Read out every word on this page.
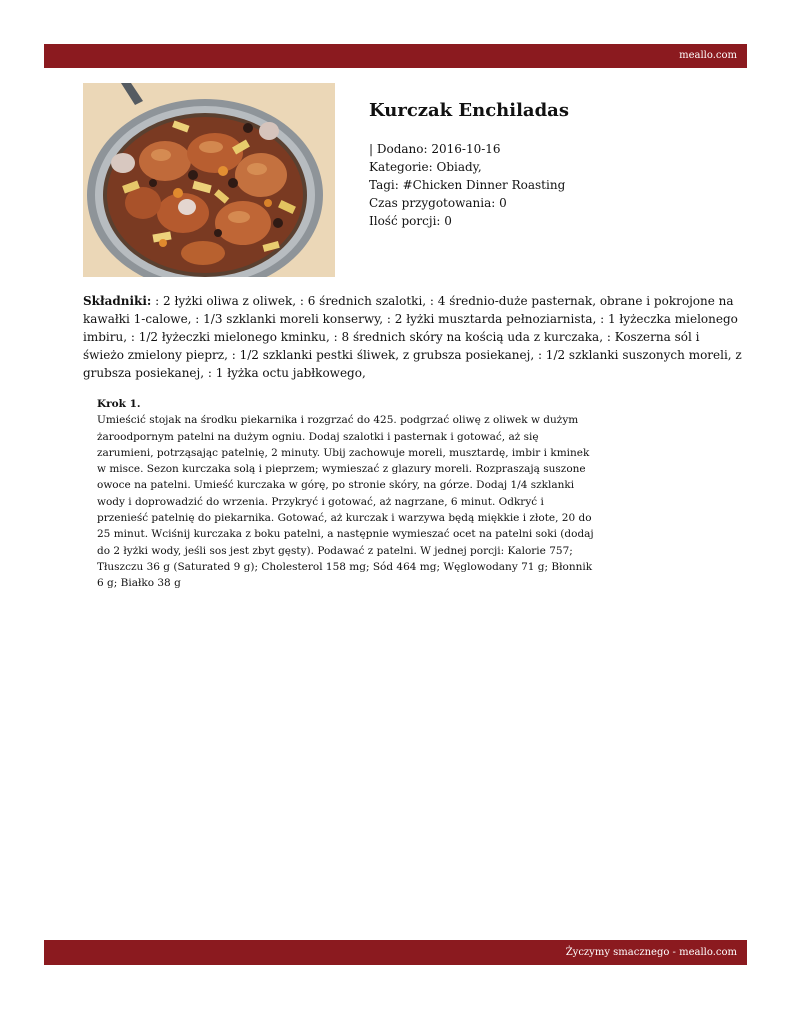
meallo.com
Kurczak Enchiladas
| Dodano: 2016-10-16
Kategorie: Obiady,
Tagi: #Chicken Dinner Roasting
Czas przygotowania: 0
Ilość porcji: 0
Składniki: : 2 łyżki oliwa z oliwek, : 6 średnich szalotki, : 4 średnio-duże pasternak, obrane i pokrojone na kawałki 1-calowe, : 1/3 szklanki moreli konserwy, : 2 łyżki musztarda pełnoziarnista, : 1 łyżeczka mielonego imbiru, : 1/2 łyżeczki mielonego kminku, : 8 średnich skóry na kością uda z kurczaka, : Koszerna sól i świeżo zmielony pieprz, : 1/2 szklanki pestki śliwek, z grubsza posiekanej, : 1/2 szklanki suszonych moreli, z grubsza posiekanej, : 1 łyżka octu jabłkowego,
Krok 1.
Umieścić stojak na środku piekarnika i rozgrzać do 425. podgrzać oliwę z oliwek w dużym żaroodpornym patelni na dużym ogniu. Dodaj szalotki i pasternak i gotować, aż się zarumieni, potrząsając patelnię, 2 minuty. Ubij zachowuje moreli, musztardę, imbir i kminek w misce. Sezon kurczaka solą i pieprzem; wymieszać z glazury moreli. Rozpraszają suszone owoce na patelni. Umieść kurczaka w górę, po stronie skóry, na górze. Dodaj 1/4 szklanki wody i doprowadzić do wrzenia. Przykryć i gotować, aż nagrzane, 6 minut. Odkryć i przenieść patelnię do piekarnika. Gotować, aż kurczak i warzywa będą miękkie i złote, 20 do 25 minut. Wciśnij kurczaka z boku patelni, a następnie wymieszać ocet na patelni soki (dodaj do 2 łyżki wody, jeśli sos jest zbyt gęsty). Podawać z patelni. W jednej porcji: Kalorie 757; Tłuszczu 36 g (Saturated 9 g); Cholesterol 158 mg; Sód 464 mg; Węglowodany 71 g; Błonnik 6 g; Białko 38 g
Życzymy smacznego - meallo.com
